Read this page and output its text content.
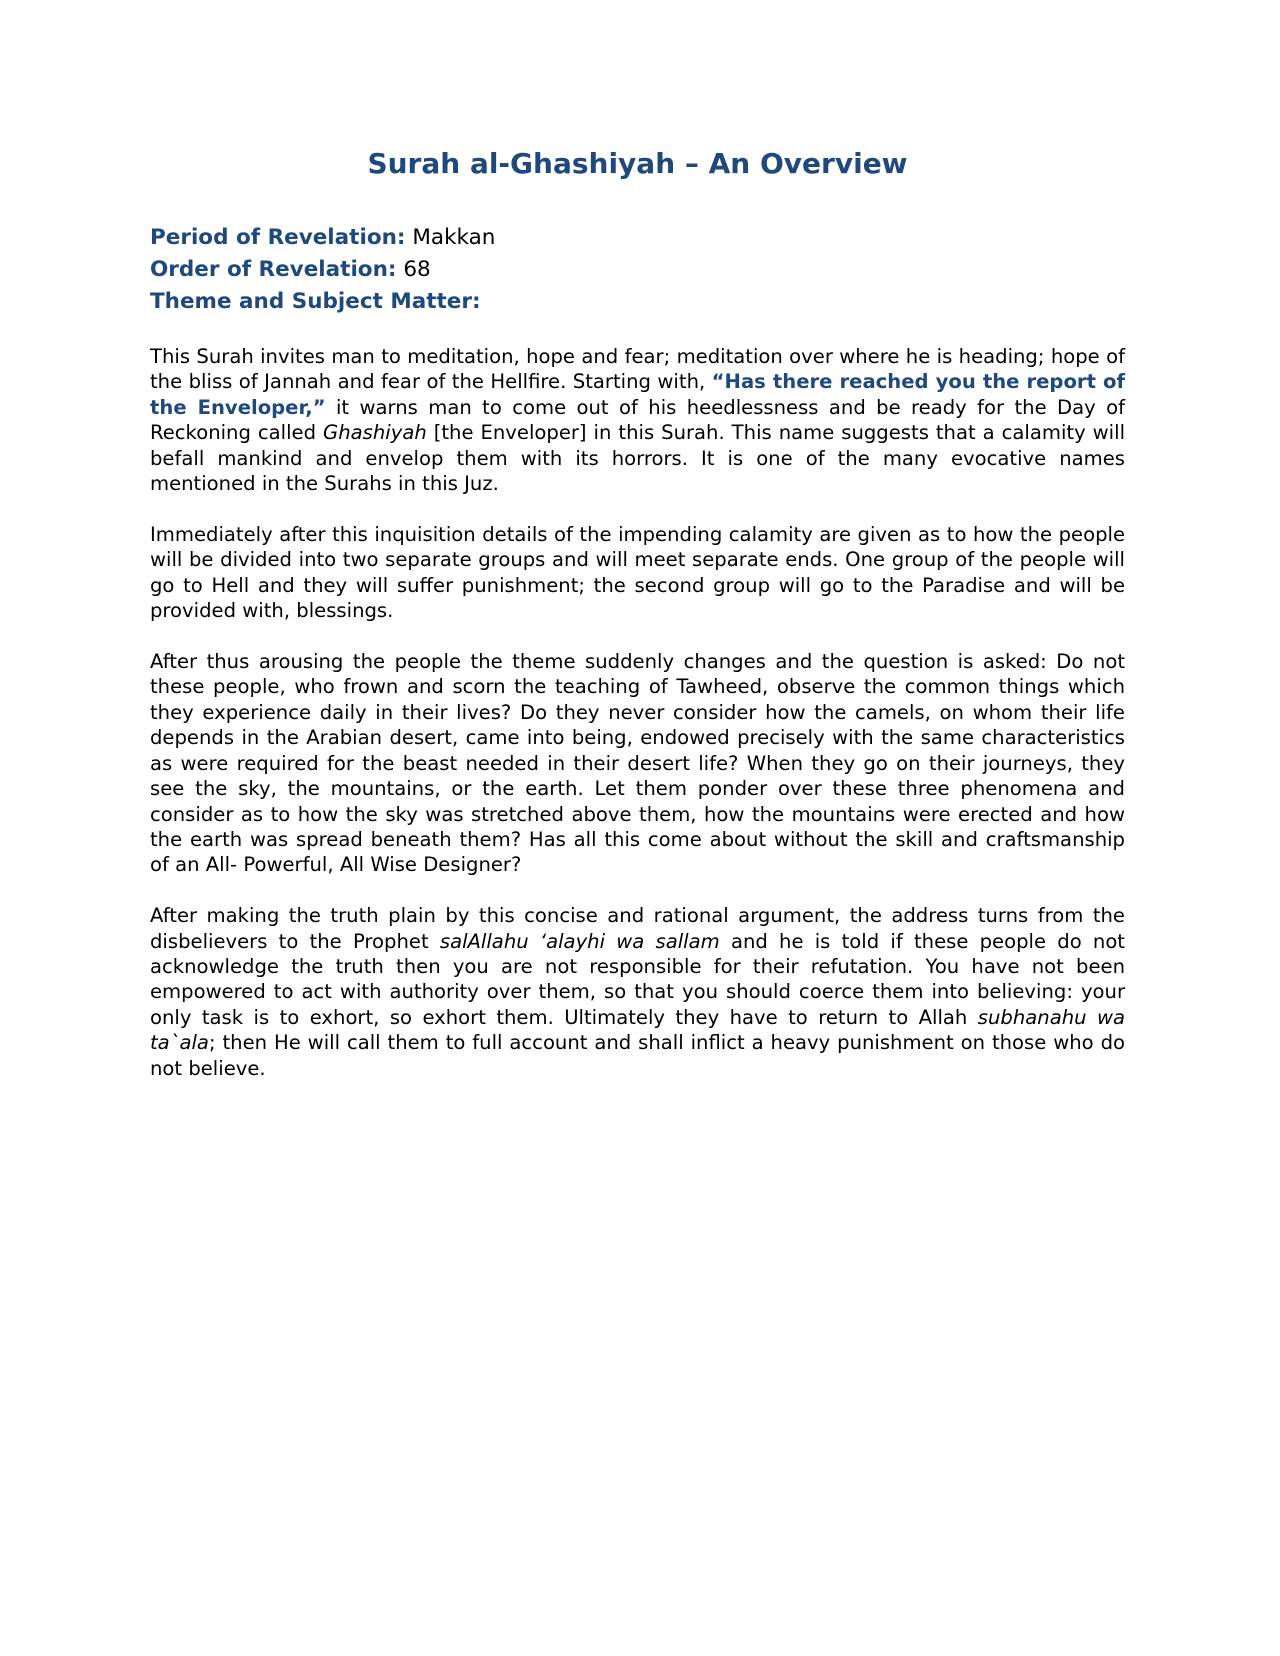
Surah al-Ghashiyah – An Overview
Period of Revelation: Makkan
Order of Revelation: 68
Theme and Subject Matter:

This Surah invites man to meditation, hope and fear; meditation over where he is heading; hope of the bliss of Jannah and fear of the Hellfire. Starting with, “Has there reached you the report of the Enveloper,” it warns man to come out of his heedlessness and be ready for the Day of Reckoning called Ghashiyah [the Enveloper] in this Surah. This name suggests that a calamity will befall mankind and envelop them with its horrors. It is one of the many evocative names mentioned in the Surahs in this Juz.

Immediately after this inquisition details of the impending calamity are given as to how the people will be divided into two separate groups and will meet separate ends. One group of the people will go to Hell and they will suffer punishment; the second group will go to the Paradise and will be provided with, blessings.

After thus arousing the people the theme suddenly changes and the question is asked: Do not these people, who frown and scorn the teaching of Tawheed, observe the common things which they experience daily in their lives? Do they never consider how the camels, on whom their life depends in the Arabian desert, came into being, endowed precisely with the same characteristics as were required for the beast needed in their desert life? When they go on their journeys, they see the sky, the mountains, or the earth. Let them ponder over these three phenomena and consider as to how the sky was stretched above them, how the mountains were erected and how the earth was spread beneath them? Has all this come about without the skill and craftsmanship of an All- Powerful, All Wise Designer?

After making the truth plain by this concise and rational argument, the address turns from the disbelievers to the Prophet salAllahu ‘alayhi wa sallam and he is told if these people do not acknowledge the truth then you are not responsible for their refutation. You have not been empowered to act with authority over them, so that you should coerce them into believing: your only task is to exhort, so exhort them. Ultimately they have to return to Allah subhanahu wa ta`ala; then He will call them to full account and shall inflict a heavy punishment on those who do not believe.
